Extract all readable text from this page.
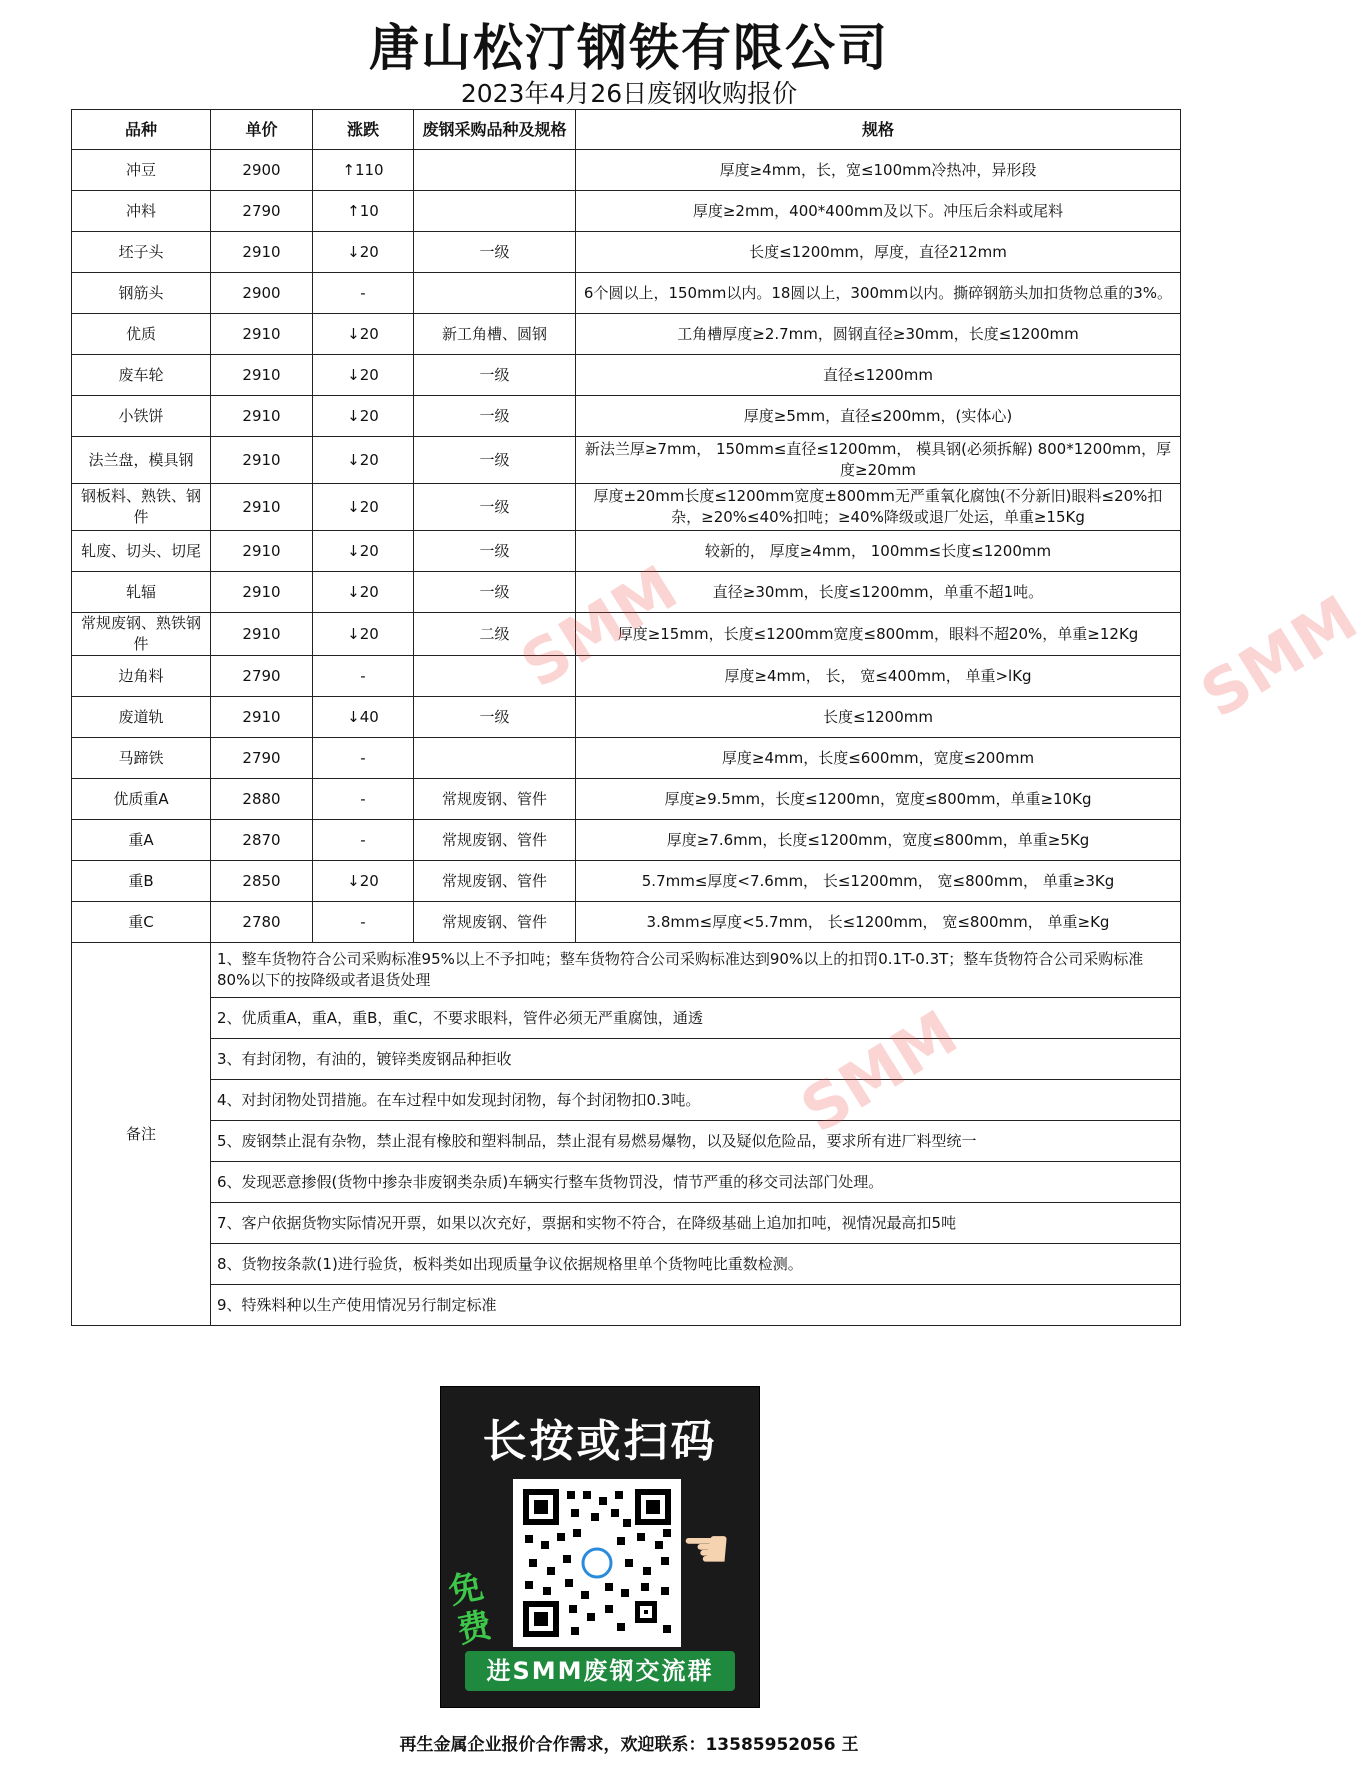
唐山松汀钢铁有限公司
2023年4月26日废钢收购报价
品种	单价	涨跌	废钢采购品种及规格	规格
冲豆	2900	↑110		厚度≥4mm，长，宽≤100mm冷热冲，异形段
冲料	2790	↑10		厚度≥2mm，400*400mm及以下。冲压后余料或尾料
坯子头	2910	↓20	一级	长度≤1200mm，厚度，直径212mm
钢筋头	2900	-		6个圆以上，150mm以内。18圆以上，300mm以内。撕碎钢筋头加扣货物总重的3%。
优质	2910	↓20	新工角槽、圆钢	工角槽厚度≥2.7mm，圆钢直径≥30mm，长度≤1200mm
废车轮	2910	↓20	一级	直径≤1200mm
小铁饼	2910	↓20	一级	厚度≥5mm，直径≤200mm，(实体心)
法兰盘，模具钢	2910	↓20	一级	新法兰厚≥7mm， 150mm≤直径≤1200mm， 模具钢(必须拆解) 800*1200mm，厚度≥20mm
钢板料、熟铁、钢件	2910	↓20	一级	厚度±20mm长度≤1200mm宽度±800mm无严重氧化腐蚀(不分新旧)眼料≤20%扣杂，≥20%≤40%扣吨；≥40%降级或退厂处运，单重≥15Kg
轧废、切头、切尾	2910	↓20	一级	较新的， 厚度≥4mm， 100mm≤长度≤1200mm
轧辐	2910	↓20	一级	直径≥30mm，长度≤1200mm，单重不超1吨。
常规废钢、熟铁钢件	2910	↓20	二级	厚度≥15mm，长度≤1200mm宽度≤800mm，眼料不超20%，单重≥12Kg
边角料	2790	-		厚度≥4mm， 长， 宽≤400mm， 单重>lKg
废道轨	2910	↓40	一级	长度≤1200mm
马蹄铁	2790	-		厚度≥4mm，长度≤600mm，宽度≤200mm
优质重A	2880	-	常规废钢、管件	厚度≥9.5mm，长度≤1200mn，宽度≤800mm，单重≥10Kg
重A	2870	-	常规废钢、管件	厚度≥7.6mm，长度≤1200mm，宽度≤800mm，单重≥5Kg
重B	2850	↓20	常规废钢、管件	5.7mm≤厚度<7.6mm， 长≤1200mm， 宽≤800mm， 单重≥3Kg
重C	2780	-	常规废钢、管件	3.8mm≤厚度<5.7mm， 长≤1200mm， 宽≤800mm， 单重≥Kg
备注	1、整车货物符合公司采购标准95%以上不予扣吨；整车货物符合公司采购标准达到90%以上的扣罚0.1T-0.3T；整车货物符合公司采购标准80%以下的按降级或者退货处理			
	2、优质重A，重A，重B，重C，不要求眼料，管件必须无严重腐蚀，通透			
	3、有封闭物，有油的，镀锌类废钢品种拒收			
	4、对封闭物处罚措施。在车过程中如发现封闭物，每个封闭物扣0.3吨。			
	5、废钢禁止混有杂物，禁止混有橡胶和塑料制品，禁止混有易燃易爆物，以及疑似危险品，要求所有进厂料型统一			
	6、发现恶意掺假(货物中掺杂非废钢类杂质)车辆实行整车货物罚没，情节严重的移交司法部门处理。			
	7、客户依据货物实际情况开票，如果以次充好，票据和实物不符合，在降级基础上追加扣吨，视情况最高扣5吨			
	8、货物按条款(1)进行验货，板料类如出现质量争议依据规格里单个货物吨比重数检测。			
	9、特殊料种以生产使用情况另行制定标准			
SMM	SMM
SMM
长按或扫码
免费
☚
进SMM废钢交流群
再生金属企业报价合作需求，欢迎联系：13585952056 王
